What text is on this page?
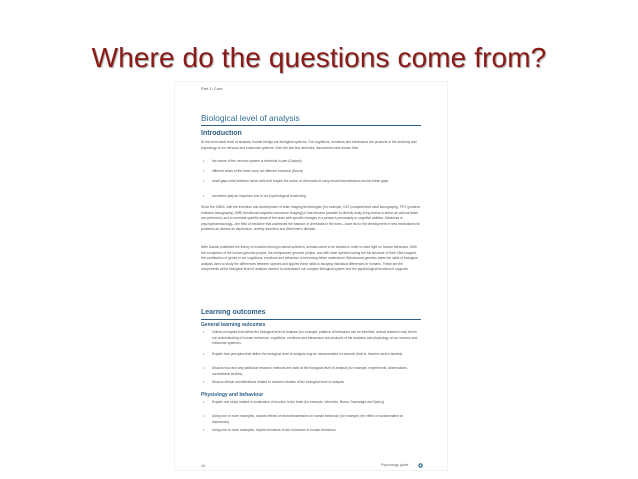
Where do the questions come from?
Part 1: Core
Biological level of analysis
Introduction
At the most basic level of analysis, human beings are biological systems. Our cognitions, emotions and behaviours are products of the anatomy and physiology of our nervous and endocrine systems. Over the last few centuries, discoveries have shown that:
• the nature of the nervous system is electrical in part (Galvani)
• different areas of the brain carry out different functions (Broca)
• small gaps exist between nerve cells that require the action of chemicals to carry neural transmissions across these gaps
• hormones play an important role in our psychological functioning.
Since the 1960s, with the invention and development of brain imaging technologies (for example, CAT (computerized axial tomography), PET (positron emission tomography), fMRI (functional magnetic resonance imaging)) it has become possible to directly study living brains in action as various tasks are performed, and to correlate specific areas of the brain with specific changes in a person's personality or cognitive abilities. Advances in psychopharmacology—the field of medicine that addresses the balance of chemicals in the brain—have led to the development of new medications for problems as diverse as depression, anxiety disorders and Alzheimer's disease.
After Darwin published the theory of evolution through natural selection, animals came to be studied in order to shed light on human behaviour. With the completion of the human genome project, the chimpanzee genome project, and with other species having the full structure of their DNA mapped, the contribution of genes to our cognitions, emotions and behaviour is becoming better understood. Behavioural genetics takes the skills of biological analysis used to study the differences between species and applies these skills to studying individual differences in humans. These are the components at the biological level of analysis needed to understand our complex biological system and the psychological functions it supports.
Learning outcomes
General learning outcomes
• Outline principles that define the biological level of analysis (for example, patterns of behaviour can be inherited; animal research may inform our understanding of human behaviour; cognitions, emotions and behaviours are products of the anatomy and physiology of our nervous and endocrine systems).
• Explain how principles that define the biological level of analysis may be demonstrated in research (that is, theories and/or studies).
• Discuss how and why particular research methods are used at the biological level of analysis (for example, experiments, observations, correlational studies).
• Discuss ethical considerations related to research studies at the biological level of analysis.
Physiology and behaviour
• Explain one study related to localization of function in the brain (for example, Wernicke, Broca, Gazzaniga and Sperry).
• Using one or more examples, explain effects of neurotransmission on human behaviour (for example, the effect of noradrenaline on depression).
• Using one or more examples, explain functions of two hormones in human behaviour.
16	Psychology guide
